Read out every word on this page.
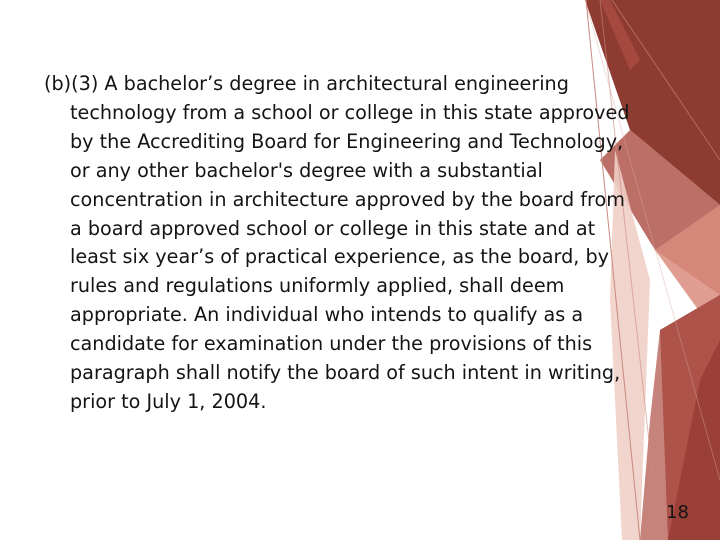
(b)(3) A bachelor’s degree in architectural engineering technology from a school or college in this state approved by the Accrediting Board for Engineering and Technology, or any other bachelor's degree with a substantial concentration in architecture approved by the board from a board approved school or college in this state and at least six year’s of practical experience, as the board, by rules and regulations uniformly applied, shall deem appropriate. An individual who intends to qualify as a candidate for examination under the provisions of this paragraph shall notify the board of such intent in writing, prior to July 1, 2004.

18
